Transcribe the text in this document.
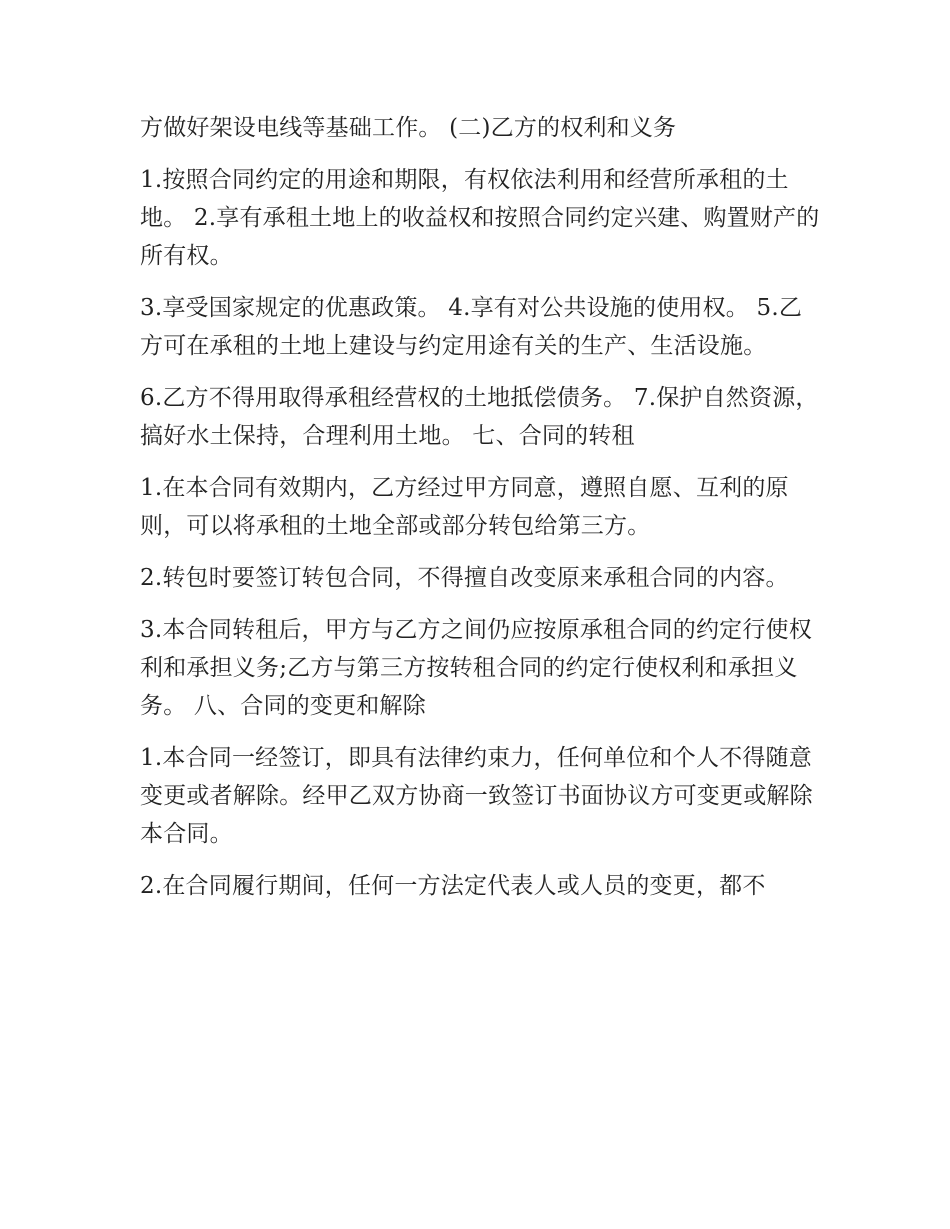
方做好架设电线等基础工作。 (二)乙方的权利和义务

1.按照合同约定的用途和期限，有权依法利用和经营所承租的土地。 2.享有承租土地上的收益权和按照合同约定兴建、购置财产的所有权。

3.享受国家规定的优惠政策。 4.享有对公共设施的使用权。 5.乙方可在承租的土地上建设与约定用途有关的生产、生活设施。

6.乙方不得用取得承租经营权的土地抵偿债务。 7.保护自然资源，搞好水土保持，合理利用土地。 七、合同的转租

1.在本合同有效期内，乙方经过甲方同意，遵照自愿、互利的原则，可以将承租的土地全部或部分转包给第三方。

2.转包时要签订转包合同，不得擅自改变原来承租合同的内容。

3.本合同转租后，甲方与乙方之间仍应按原承租合同的约定行使权利和承担义务;乙方与第三方按转租合同的约定行使权利和承担义务。 八、合同的变更和解除

1.本合同一经签订，即具有法律约束力，任何单位和个人不得随意变更或者解除。经甲乙双方协商一致签订书面协议方可变更或解除本合同。

2.在合同履行期间，任何一方法定代表人或人员的变更，都不
